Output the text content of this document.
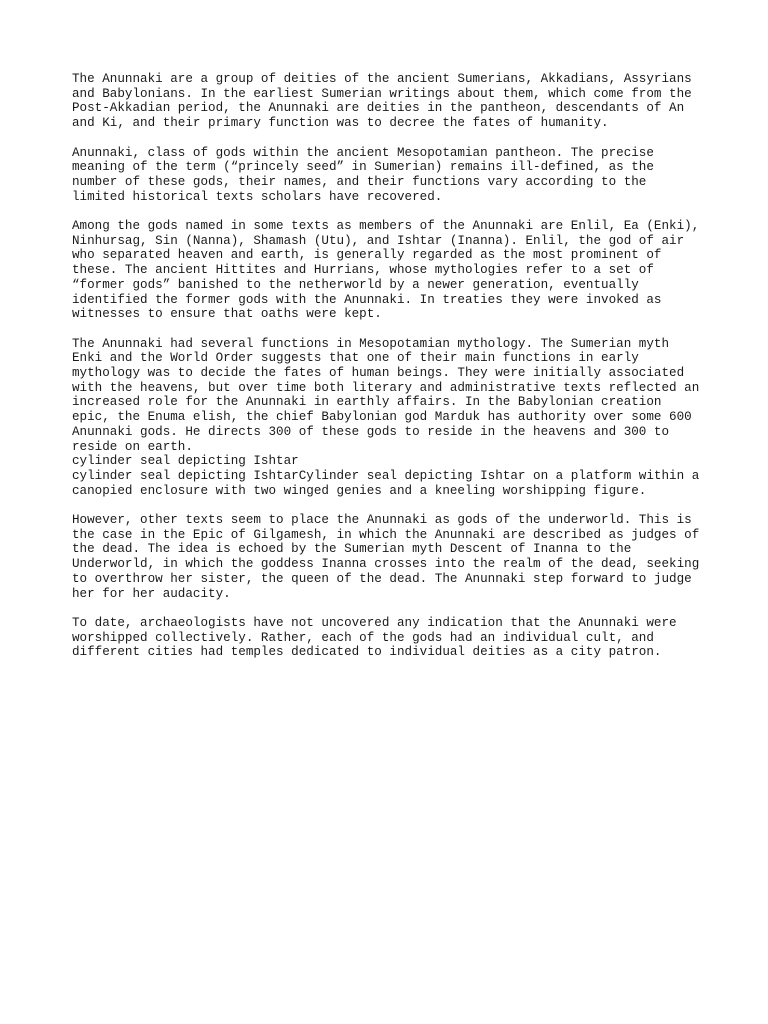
The Anunnaki are a group of deities of the ancient Sumerians, Akkadians, Assyrians
and Babylonians. In the earliest Sumerian writings about them, which come from the
Post-Akkadian period, the Anunnaki are deities in the pantheon, descendants of An
and Ki, and their primary function was to decree the fates of humanity.

Anunnaki, class of gods within the ancient Mesopotamian pantheon. The precise
meaning of the term (“princely seed” in Sumerian) remains ill-defined, as the
number of these gods, their names, and their functions vary according to the
limited historical texts scholars have recovered.

Among the gods named in some texts as members of the Anunnaki are Enlil, Ea (Enki),
Ninhursag, Sin (Nanna), Shamash (Utu), and Ishtar (Inanna). Enlil, the god of air
who separated heaven and earth, is generally regarded as the most prominent of
these. The ancient Hittites and Hurrians, whose mythologies refer to a set of
“former gods” banished to the netherworld by a newer generation, eventually
identified the former gods with the Anunnaki. In treaties they were invoked as
witnesses to ensure that oaths were kept.

The Anunnaki had several functions in Mesopotamian mythology. The Sumerian myth
Enki and the World Order suggests that one of their main functions in early
mythology was to decide the fates of human beings. They were initially associated
with the heavens, but over time both literary and administrative texts reflected an
increased role for the Anunnaki in earthly affairs. In the Babylonian creation
epic, the Enuma elish, the chief Babylonian god Marduk has authority over some 600
Anunnaki gods. He directs 300 of these gods to reside in the heavens and 300 to
reside on earth.
cylinder seal depicting Ishtar
cylinder seal depicting IshtarCylinder seal depicting Ishtar on a platform within a
canopied enclosure with two winged genies and a kneeling worshipping figure.

However, other texts seem to place the Anunnaki as gods of the underworld. This is
the case in the Epic of Gilgamesh, in which the Anunnaki are described as judges of
the dead. The idea is echoed by the Sumerian myth Descent of Inanna to the
Underworld, in which the goddess Inanna crosses into the realm of the dead, seeking
to overthrow her sister, the queen of the dead. The Anunnaki step forward to judge
her for her audacity.

To date, archaeologists have not uncovered any indication that the Anunnaki were
worshipped collectively. Rather, each of the gods had an individual cult, and
different cities had temples dedicated to individual deities as a city patron.
